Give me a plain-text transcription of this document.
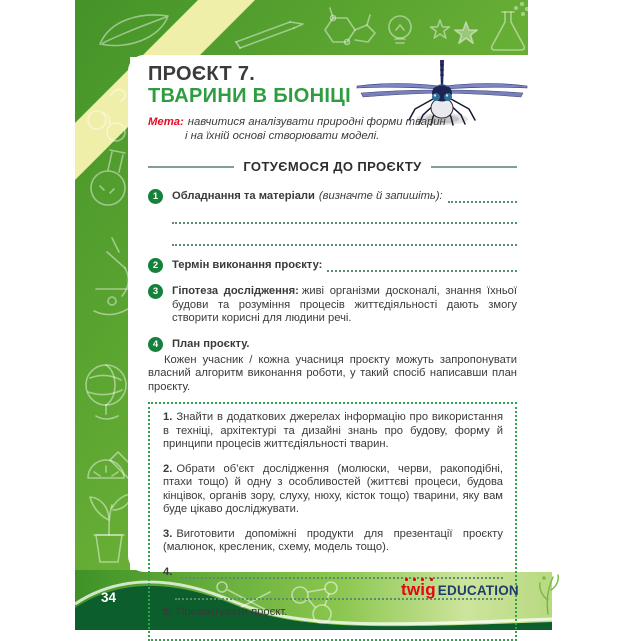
ПРОЄКТ 7.
ТВАРИНИ В БІОНІЦІ
Мета: навчитися аналізувати природні форми тварин
і на їхній основі створювати моделі.
ГОТУЄМОСЯ ДО ПРОЄКТУ
1	Обладнання та матеріали (визначте й запишіть):
2	Термін виконання проєкту:
3	Гіпотеза дослідження: живі організми досконалі, знання їхньої будови та розуміння процесів життєдіяльності дають змогу створити корисні для людини речі.
4	План проєкту.
Кожен учасник / кожна учасниця проєкту можуть запропонувати власний алгоритм виконання роботи, у такий спосіб написавши план проєкту.

1. Знайти в додаткових джерелах інформацію про використання в техніці, архітектурі та дизайні знань про будову, форму й принципи процесів життєдіяльності тварин.

2. Обрати об’єкт дослідження (молюски, черви, ракоподібні, птахи тощо) й одну з особливостей (життєві процеси, будова кінцівок, органів зору, слуху, нюху, кісток тощо) тварини, яку вам буде цікаво досліджувати.

3. Виготовити допоміжні продукти для презентації проєкту (малюнок, кресленик, схему, модель тощо).

4.

5. Презентувати проєкт.

34	twig EDUCATION
